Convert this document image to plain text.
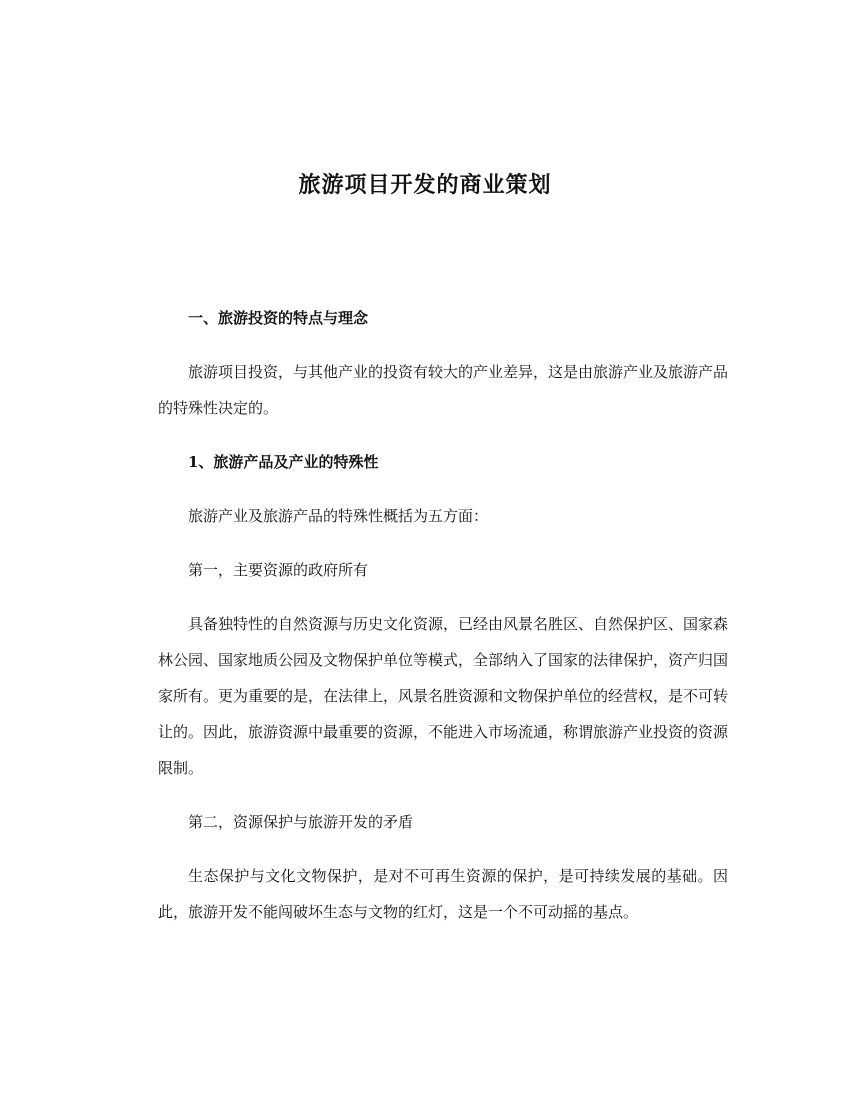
旅游项目开发的商业策划
一、旅游投资的特点与理念
旅游项目投资，与其他产业的投资有较大的产业差异，这是由旅游产业及旅游产品的特殊性决定的。
1、旅游产品及产业的特殊性
旅游产业及旅游产品的特殊性概括为五方面：
第一，主要资源的政府所有
具备独特性的自然资源与历史文化资源，已经由风景名胜区、自然保护区、国家森林公园、国家地质公园及文物保护单位等模式，全部纳入了国家的法律保护，资产归国家所有。更为重要的是，在法律上，风景名胜资源和文物保护单位的经营权，是不可转让的。因此，旅游资源中最重要的资源，不能进入市场流通，称谓旅游产业投资的资源限制。
第二，资源保护与旅游开发的矛盾
生态保护与文化文物保护，是对不可再生资源的保护，是可持续发展的基础。因此，旅游开发不能闯破坏生态与文物的红灯，这是一个不可动摇的基点。
